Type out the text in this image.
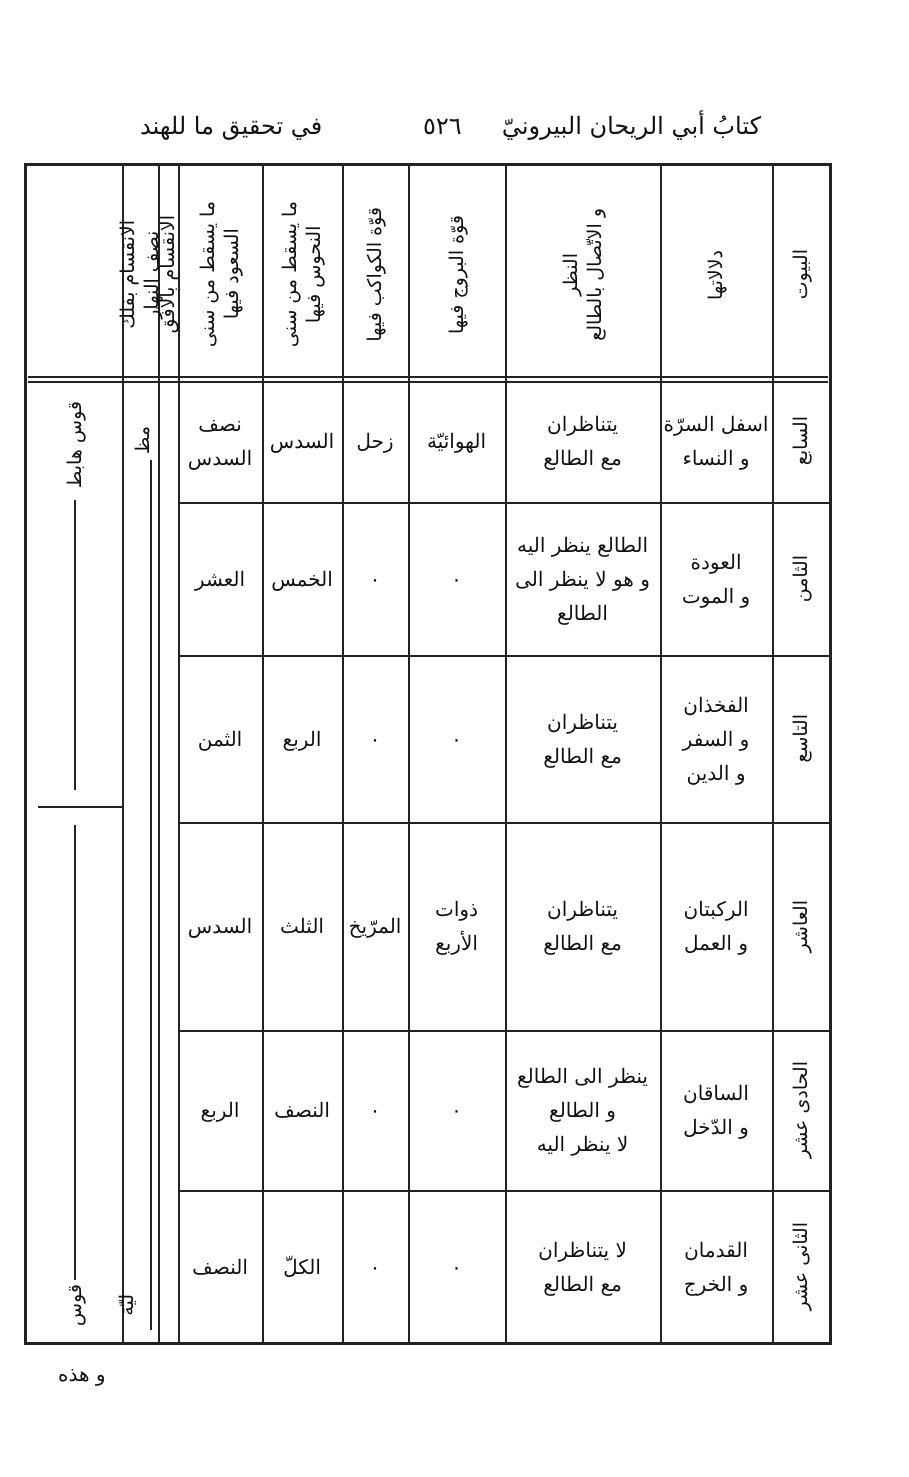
كتابُ أبي الريحان البيرونيّ
٥٢٦
في تحقيق ما للهند
البيوت
دلالاتها
النظر
و الاتّصال بالطالع
قوّة البروج فيها
قوّة الكواكب فيها
ما يسقط من سنى
النحوس فيها
ما يسقط من سنى
السعود فيها
الانقسام بالأفق
الانقسام بفلك
نصف النهار
السابع
اسفل السرّة
و النساء
يتناظران
مع الطالع
الهوائيّة
زحل
السدس
نصف
السدس
الثامن
العودة
و الموت
الطالع ينظر اليه
و هو لا ينظر الى
الطالع
٠
٠
الخمس
العشر
التاسع
الفخذان
و السفر
و الدين
يتناظران
مع الطالع
٠
٠
الربع
الثمن
العاشر
الركبتان
و العمل
يتناظران
مع الطالع
ذوات
الأربع
المرّيخ
الثلث
السدس
الحادى عشر
الساقان
و الدّخل
ينظر الى الطالع
و الطالع
لا ينظر اليه
٠
٠
النصف
الربع
الثانى عشر
القدمان
و الخرج
لا يتناظران
مع الطالع
٠
٠
الكلّ
النصف
مظ
ليّة
قوس هابط
قوس
و هذه
